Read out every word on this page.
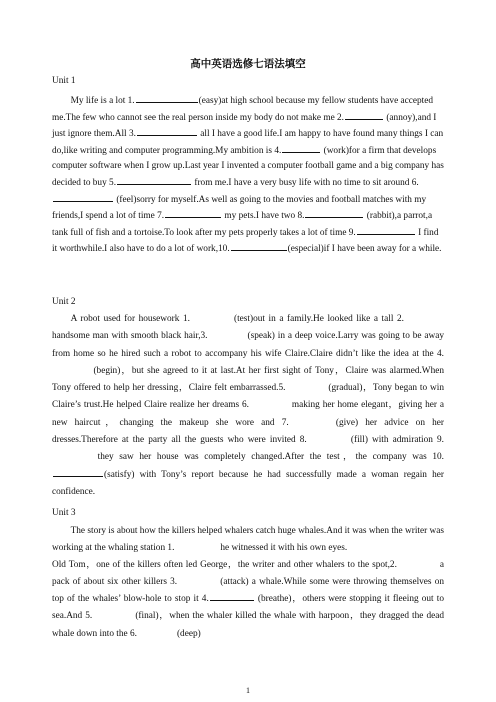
高中英语选修七语法填空
Unit 1
My life is a lot 1.	(easy)at high school because my fellow students have accepted me.The few who cannot see the real person inside my body do not make me 2.	(annoy),and I just ignore them.All 3.	all I have a good life.I am happy to have found many things I can do,like writing and computer programming.My ambition is 4.	(work)for a firm that develops computer software when I grow up.Last year I invented a computer football game and a big company has decided to buy 5.	from me.I have a very busy life with no time to sit around 6. (feel)sorry for myself.As well as going to the movies and football matches with my friends,I spend a lot of time 7.	my pets.I have two 8.	(rabbit),a parrot,a tank full of fish and a tortoise.To look after my pets properly takes a lot of time 9.	I find it worthwhile.I also have to do a lot of work,10.	(especial)if I have been away for a while.
Unit 2
A robot used for housework 1.	(test)out in a family.He looked like a tall 2. handsome man with smooth black hair,3.	(speak) in a deep voice.Larry was going to be away from home so he hired such a robot to accompany his wife Claire.Claire didn’t like the idea at the 4. (begin)，but she agreed to it at last.At her first sight of Tony，Claire was alarmed.When Tony offered to help her dressing，Claire felt embarrassed.5.	(gradual)，Tony began to win Claire’s trust.He helped Claire realize her dreams 6.	making her home elegant，giving her a new haircut，changing the makeup she wore and 7.	(give) her advice on her dresses.Therefore at the party all the guests who were invited 8.	(fill) with admiration 9. they saw her house was completely changed.After the test，the company was 10.(satisfy) with Tony’s report because he had successfully made a woman regain her confidence.
Unit 3
The story is about how the killers helped whalers catch huge whales.And it was when the writer was working at the whaling station 1.	he witnessed it with his own eyes.
Old Tom，one of the killers often led George，the writer and other whalers to the spot,2.	a pack of about six other killers 3.	(attack) a whale.While some were throwing themselves on top of the whales’ blow-hole to stop it 4.	(breathe)，others were stopping it fleeing out to sea.And 5.	(final)，when the whaler killed the whale with harpoon，they dragged the dead whale down into the 6.	(deep)
1
